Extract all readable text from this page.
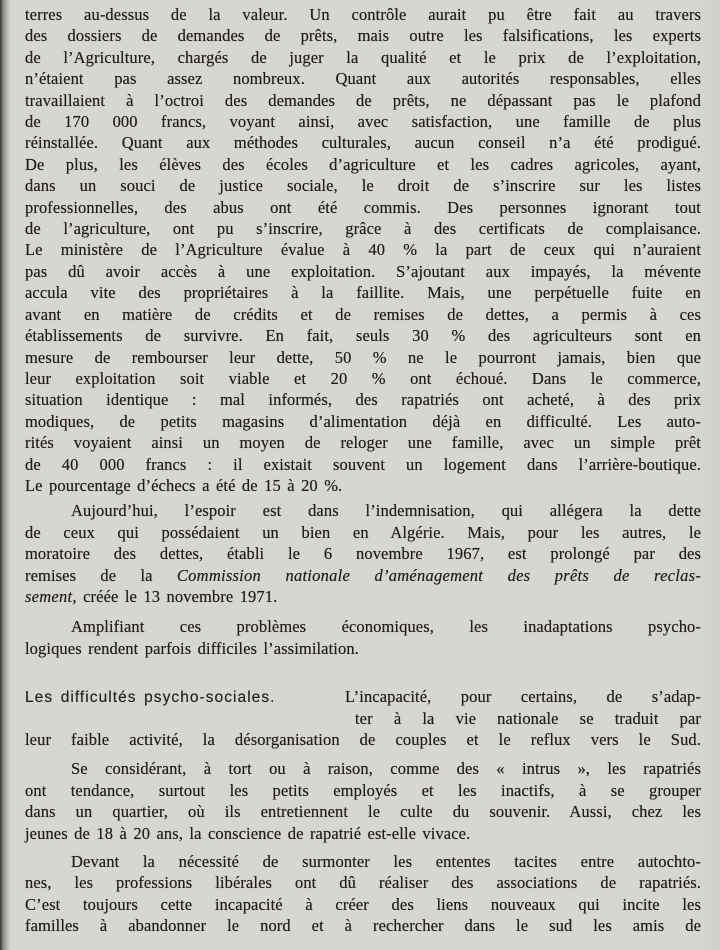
terres au-dessus de la valeur. Un contrôle aurait pu être fait au travers
des dossiers de demandes de prêts, mais outre les falsifications, les experts
de l’Agriculture, chargés de juger la qualité et le prix de l’exploitation,
n’étaient pas assez nombreux. Quant aux autorités responsables, elles
travaillaient à l’octroi des demandes de prêts, ne dépassant pas le plafond
de 170 000 francs, voyant ainsi, avec satisfaction, une famille de plus
réinstallée. Quant aux méthodes culturales, aucun conseil n’a été prodigué.
De plus, les élèves des écoles d’agriculture et les cadres agricoles, ayant,
dans un souci de justice sociale, le droit de s’inscrire sur les listes
professionnelles, des abus ont été commis. Des personnes ignorant tout
de l’agriculture, ont pu s’inscrire, grâce à des certificats de complaisance.
Le ministère de l’Agriculture évalue à 40 % la part de ceux qui n’auraient
pas dû avoir accès à une exploitation. S’ajoutant aux impayés, la mévente
accula vite des propriétaires à la faillite. Mais, une perpétuelle fuite en
avant en matière de crédits et de remises de dettes, a permis à ces
établissements de survivre. En fait, seuls 30 % des agriculteurs sont en
mesure de rembourser leur dette, 50 % ne le pourront jamais, bien que
leur exploitation soit viable et 20 % ont échoué. Dans le commerce,
situation identique : mal informés, des rapatriés ont acheté, à des prix
modiques, de petits magasins d’alimentation déjà en difficulté. Les auto-
rités voyaient ainsi un moyen de reloger une famille, avec un simple prêt
de 40 000 francs : il existait souvent un logement dans l’arrière-boutique.
Le pourcentage d’échecs a été de 15 à 20 %.
Aujourd’hui, l’espoir est dans l’indemnisation, qui allégera la dette
de ceux qui possédaient un bien en Algérie. Mais, pour les autres, le
moratoire des dettes, établi le 6 novembre 1967, est prolongé par des
remises de la Commission nationale d’aménagement des prêts de reclas-
sement, créée le 13 novembre 1971.
Amplifiant ces problèmes économiques, les inadaptations psycho-
logiques rendent parfois difficiles l’assimilation.
Les difficultés psycho-sociales.	L’incapacité, pour certains, de s’adap-
ter à la vie nationale se traduit par
leur faible activité, la désorganisation de couples et le reflux vers le Sud.
Se considérant, à tort ou à raison, comme des « intrus », les rapatriés
ont tendance, surtout les petits employés et les inactifs, à se grouper
dans un quartier, où ils entretiennent le culte du souvenir. Aussi, chez les
jeunes de 18 à 20 ans, la conscience de rapatrié est-elle vivace.
Devant la nécessité de surmonter les ententes tacites entre autochto-
nes, les professions libérales ont dû réaliser des associations de rapatriés.
C’est toujours cette incapacité à créer des liens nouveaux qui incite les
familles à abandonner le nord et à rechercher dans le sud les amis de
